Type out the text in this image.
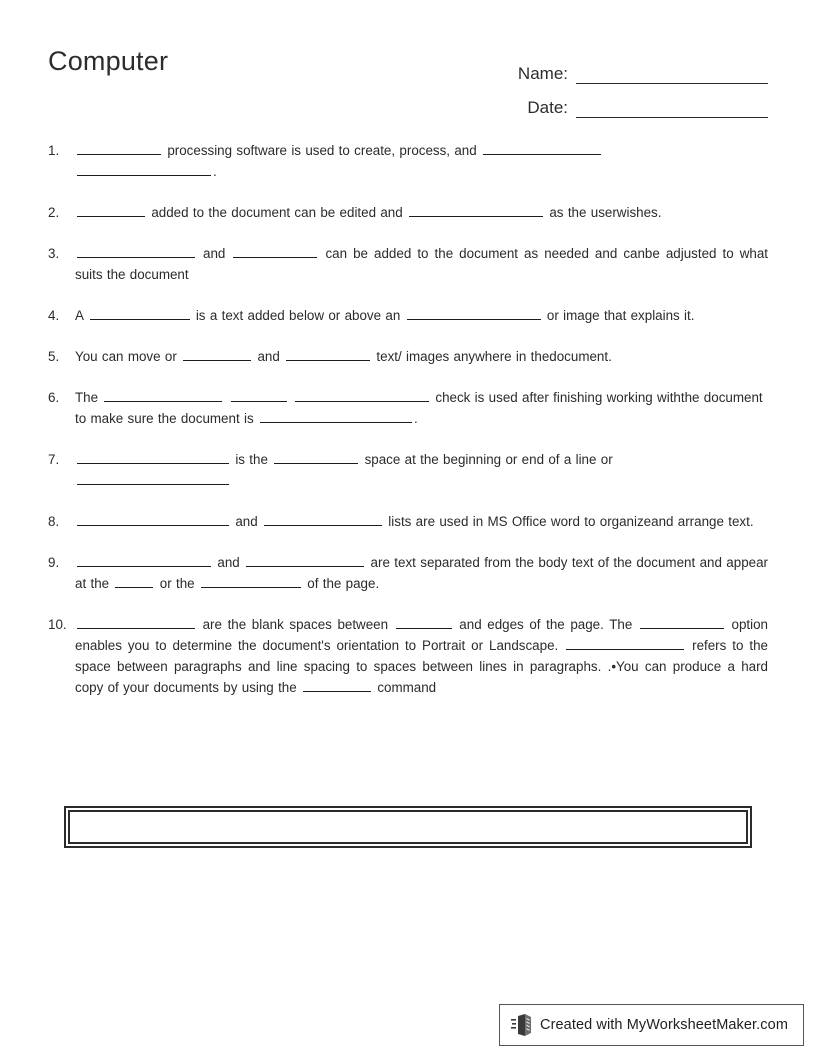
Computer	Name:
Date:
1.	processing software is used to create, process, and
.
2.	added to the document can be edited and	as the userwishes.
3.	and	can be added to the document as needed and canbe adjusted to what suits the document
4.	A	is a text added below or above an	or image that explains it.
5.	You can move or	and	text/ images anywhere in thedocument.
6.	The	check is used after finishing working withthe document to make sure the document is	.
7.	is the	space at the beginning or end of a line or

8.	and	lists are used in MS Office word to organizeand arrange text.
9.	and	are text separated from the body text of the document and appear at the	or the	of the page.
10.	are the blank spaces between	and edges of the page. The	option enables you to determine the document's orientation to Portrait or Landscape.	refers to the space between paragraphs and line spacing to spaces between lines in paragraphs. .•You can produce a hard copy of your documents by using the	command
Created with MyWorksheetMaker.com
